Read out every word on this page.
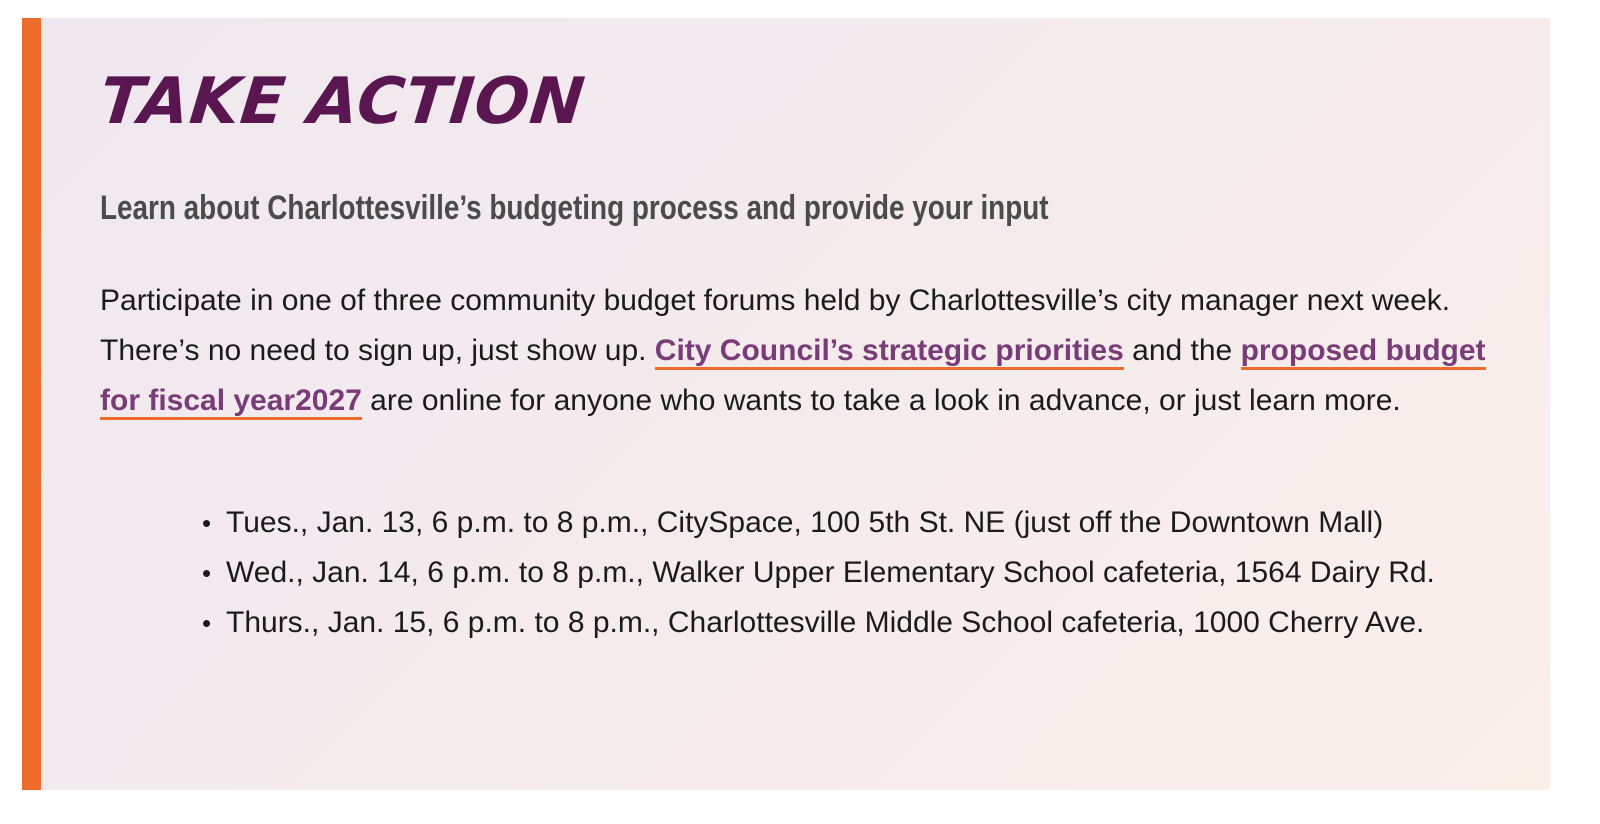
TAKE ACTION
Learn about Charlottesville’s budgeting process and provide your input

Participate in one of three community budget forums held by Charlottesville’s city manager next week. There’s no need to sign up, just show up. City Council’s strategic priorities and the proposed budget for fiscal year2027 are online for anyone who wants to take a look in advance, or just learn more.

• Tues., Jan. 13, 6 p.m. to 8 p.m., CitySpace, 100 5th St. NE (just off the Downtown Mall)
• Wed., Jan. 14, 6 p.m. to 8 p.m., Walker Upper Elementary School cafeteria, 1564 Dairy Rd.
• Thurs., Jan. 15, 6 p.m. to 8 p.m., Charlottesville Middle School cafeteria, 1000 Cherry Ave.
